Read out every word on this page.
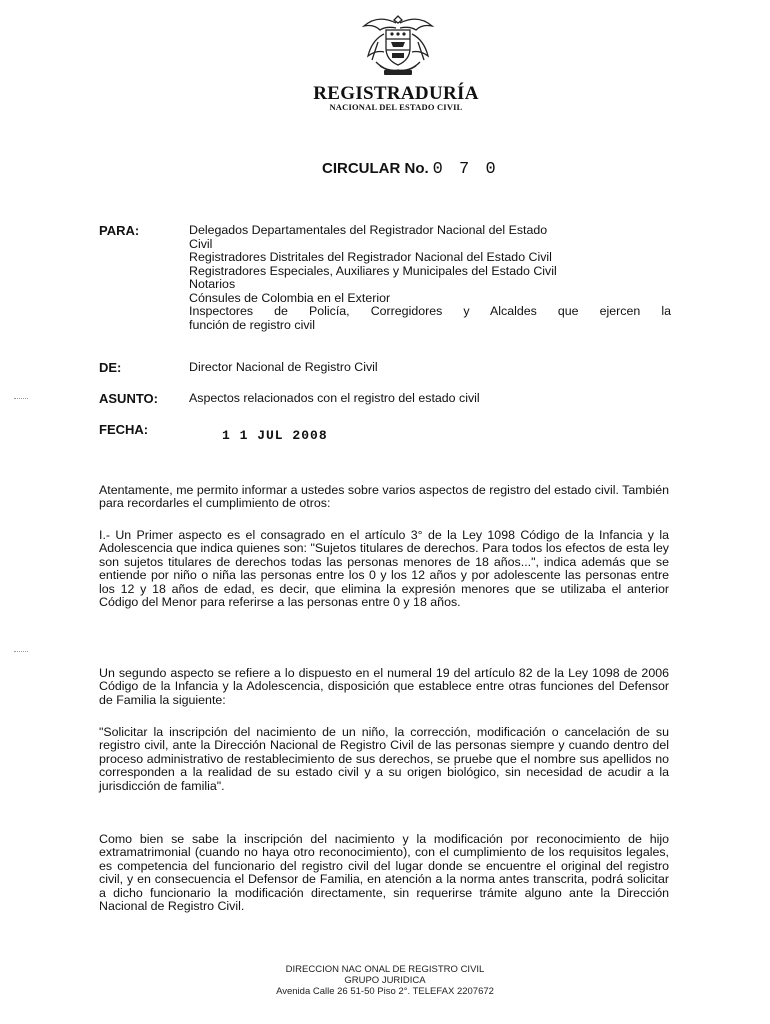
REGISTRADURÍA
NACIONAL DEL ESTADO CIVIL
CIRCULAR No. 0 7 0
PARA:	Delegados Departamentales del Registrador Nacional del Estado
Civil
Registradores Distritales del Registrador Nacional del Estado Civil
Registradores Especiales, Auxiliares y Municipales del Estado Civil
Notarios
Cónsules de Colombia en el Exterior
Inspectores de Policía, Corregidores y Alcaldes que ejercen la
función de registro civil
DE:	Director Nacional de Registro Civil
ASUNTO:	Aspectos relacionados con el registro del estado civil
FECHA:	1 1 JUL 2008

Atentamente, me permito informar a ustedes sobre varios aspectos de registro del estado civil. También para recordarles el cumplimiento de otros:

I.- Un Primer aspecto es el consagrado en el artículo 3° de la Ley 1098 Código de la Infancia y la Adolescencia que indica quienes son: "Sujetos titulares de derechos. Para todos los efectos de esta ley son sujetos titulares de derechos todas las personas menores de 18 años...", indica además que se entiende por niño o niña las personas entre los 0 y los 12 años y por adolescente las personas entre los 12 y 18 años de edad, es decir, que elimina la expresión menores que se utilizaba el anterior Código del Menor para referirse a las personas entre 0 y 18 años.

Un segundo aspecto se refiere a lo dispuesto en el numeral 19 del artículo 82 de la Ley 1098 de 2006 Código de la Infancia y la Adolescencia, disposición que establece entre otras funciones del Defensor de Familia la siguiente:

"Solicitar la inscripción del nacimiento de un niño, la corrección, modificación o cancelación de su registro civil, ante la Dirección Nacional de Registro Civil de las personas siempre y cuando dentro del proceso administrativo de restablecimiento de sus derechos, se pruebe que el nombre sus apellidos no corresponden a la realidad de su estado civil y a su origen biológico, sin necesidad de acudir a la jurisdicción de familia".

Como bien se sabe la inscripción del nacimiento y la modificación por reconocimiento de hijo extramatrimonial (cuando no haya otro reconocimiento), con el cumplimiento de los requisitos legales, es competencia del funcionario del registro civil del lugar donde se encuentre el original del registro civil, y en consecuencia el Defensor de Familia, en atención a la norma antes transcrita, podrá solicitar a dicho funcionario la modificación directamente, sin requerirse trámite alguno ante la Dirección Nacional de Registro Civil.

DIRECCION NAC ONAL DE REGISTRO CIVIL
GRUPO JURIDICA
Avenida Calle 26 51-50 Piso 2°. TELEFAX 2207672
